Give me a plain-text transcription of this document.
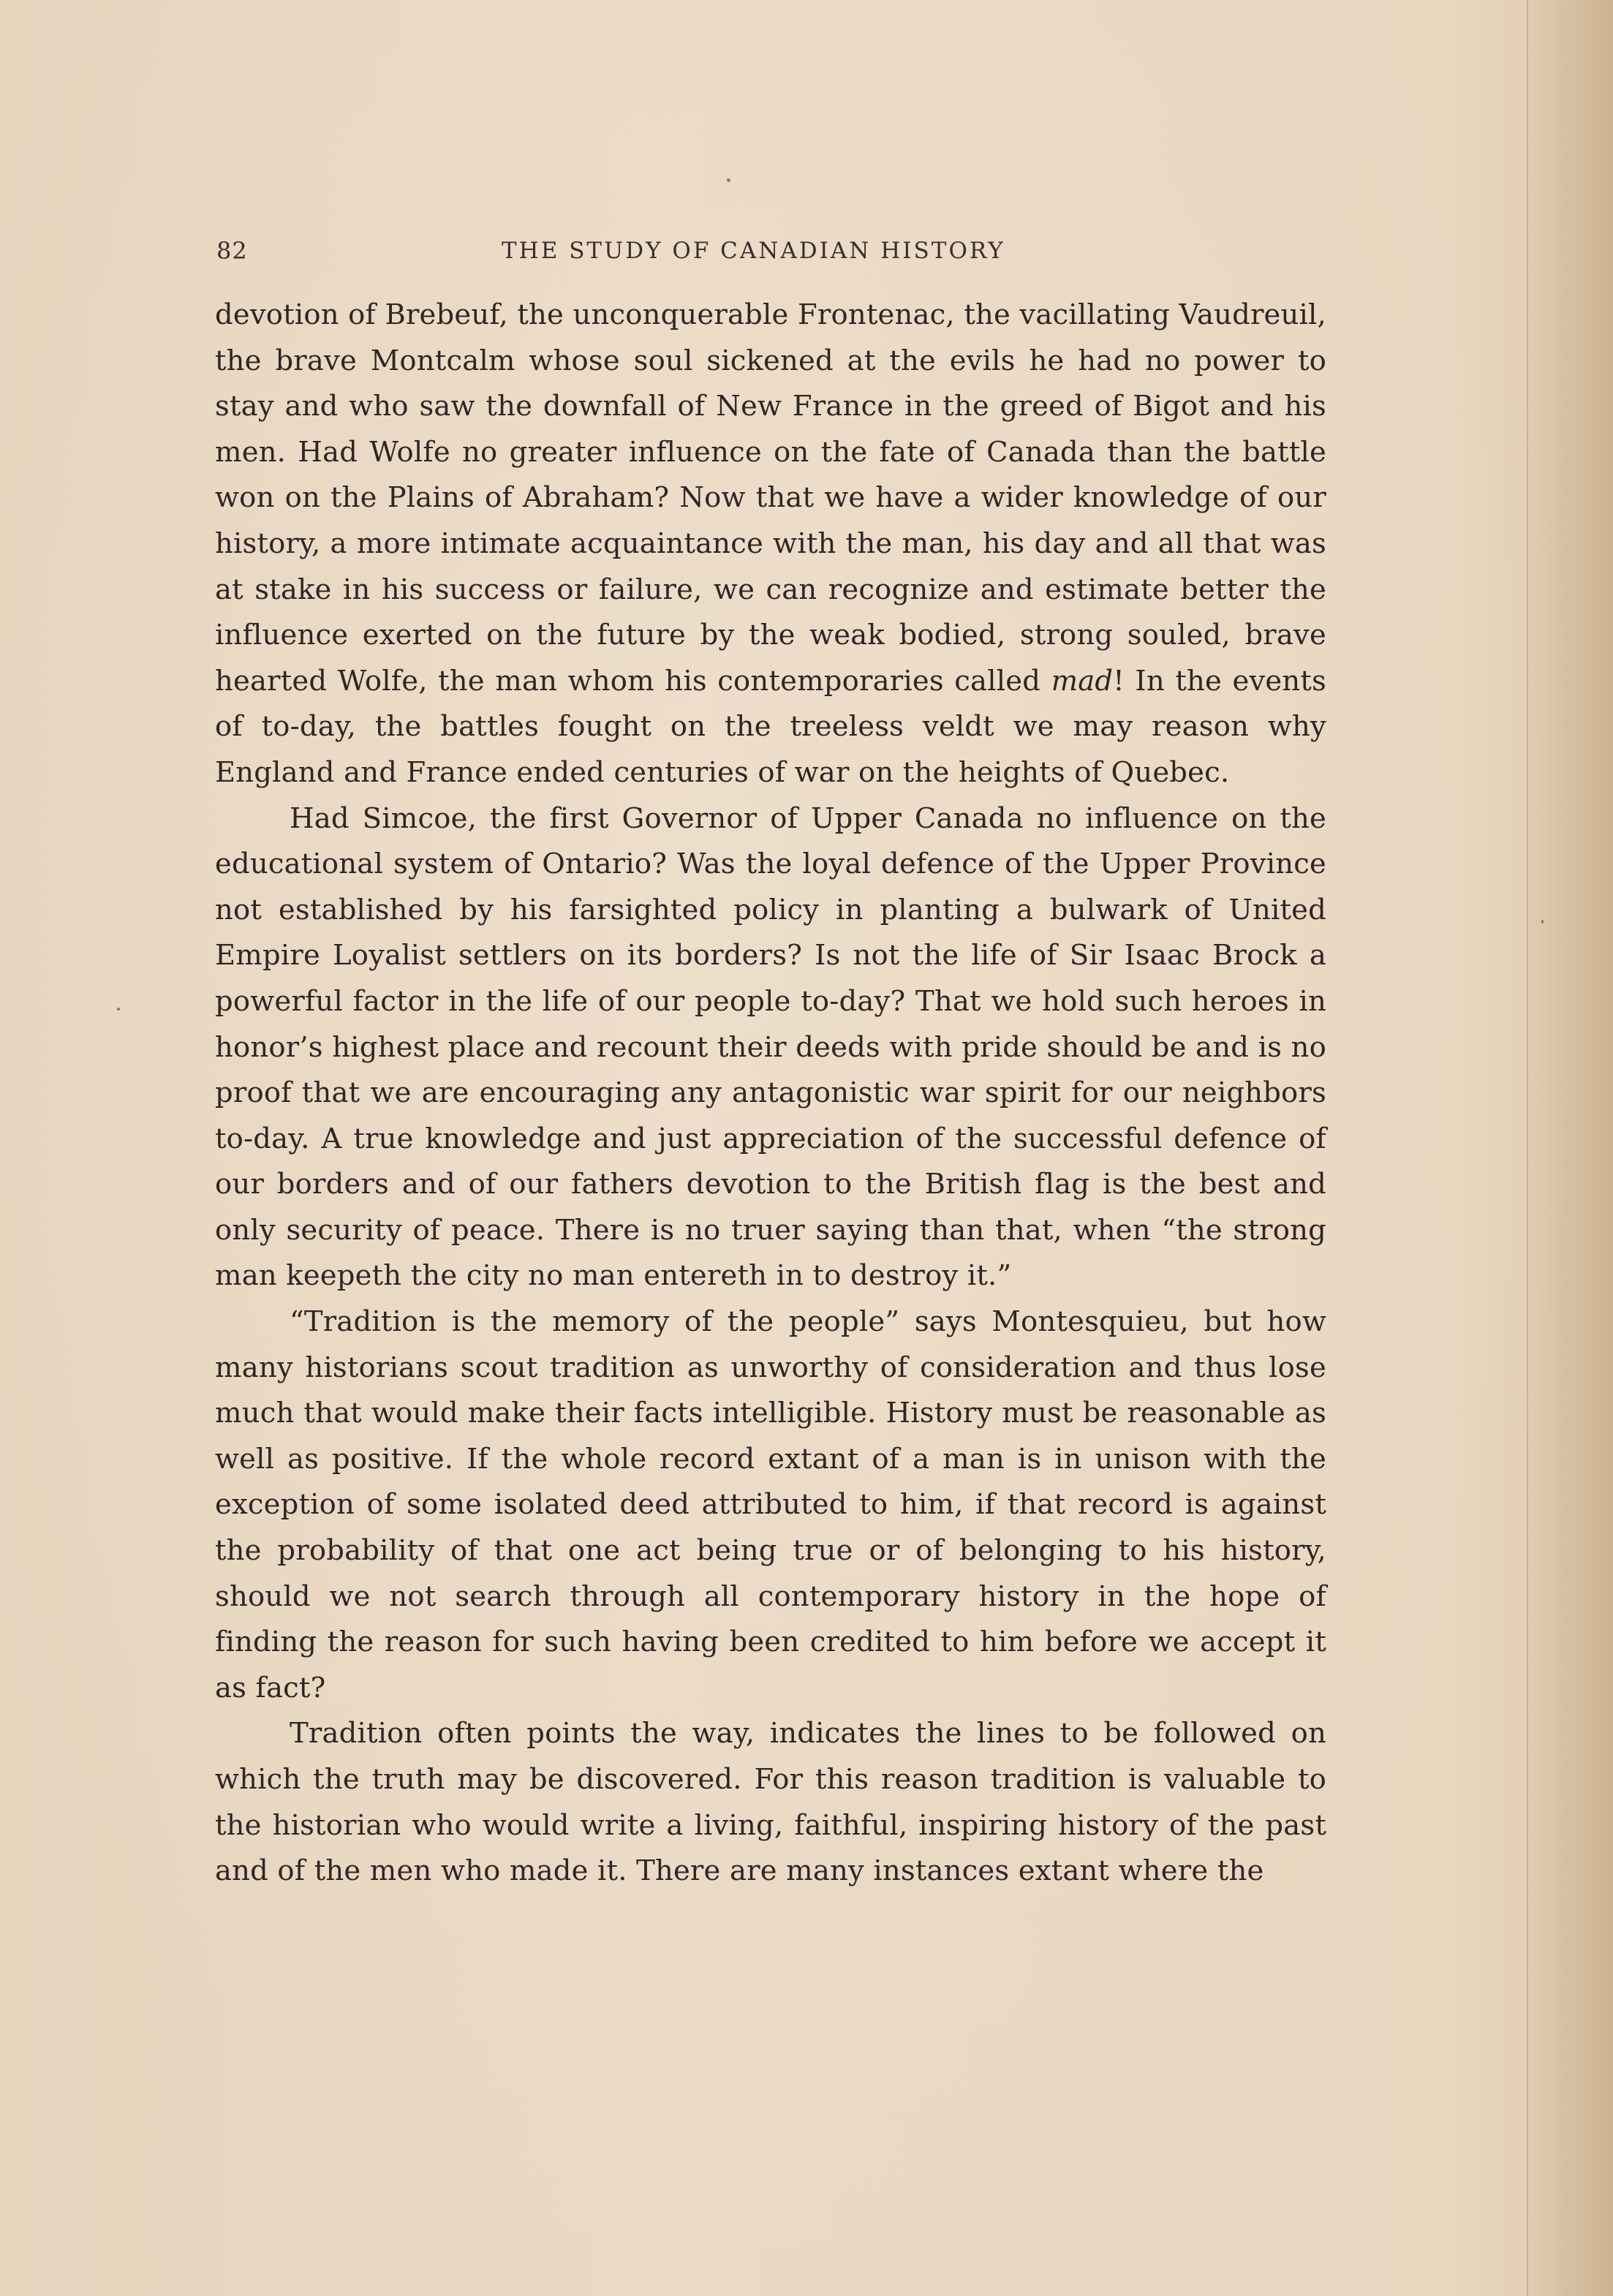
82	THE STUDY OF CANADIAN HISTORY

devotion of Brebeuf, the unconquerable Frontenac, the vacillating Vaudreuil, the brave Montcalm whose soul sickened at the evils he had no power to stay and who saw the downfall of New France in the greed of Bigot and his men. Had Wolfe no greater influence on the fate of Canada than the battle won on the Plains of Abraham? Now that we have a wider knowledge of our history, a more intimate acquaintance with the man, his day and all that was at stake in his success or failure, we can recognize and estimate better the influence exerted on the future by the weak bodied, strong souled, brave hearted Wolfe, the man whom his contemporaries called mad! In the events of to-day, the battles fought on the treeless veldt we may reason why England and France ended centuries of war on the heights of Quebec.

Had Simcoe, the first Governor of Upper Canada no influence on the educational system of Ontario? Was the loyal defence of the Upper Province not established by his farsighted policy in planting a bulwark of United Empire Loyalist settlers on its borders? Is not the life of Sir Isaac Brock a powerful factor in the life of our people to-day? That we hold such heroes in honor’s highest place and recount their deeds with pride should be and is no proof that we are encouraging any antagonistic war spirit for our neighbors to-day. A true knowledge and just appreciation of the successful defence of our borders and of our fathers devotion to the British flag is the best and only security of peace. There is no truer saying than that, when “the strong man keepeth the city no man entereth in to destroy it.”

“Tradition is the memory of the people” says Montesquieu, but how many historians scout tradition as unworthy of consideration and thus lose much that would make their facts intelligible. History must be reasonable as well as positive. If the whole record extant of a man is in unison with the exception of some isolated deed attributed to him, if that record is against the probability of that one act being true or of belonging to his history, should we not search through all contemporary history in the hope of finding the reason for such having been credited to him before we accept it as fact?

Tradition often points the way, indicates the lines to be followed on which the truth may be discovered. For this reason tradition is valuable to the historian who would write a living, faithful, inspiring history of the past and of the men who made it. There are many instances extant where the
